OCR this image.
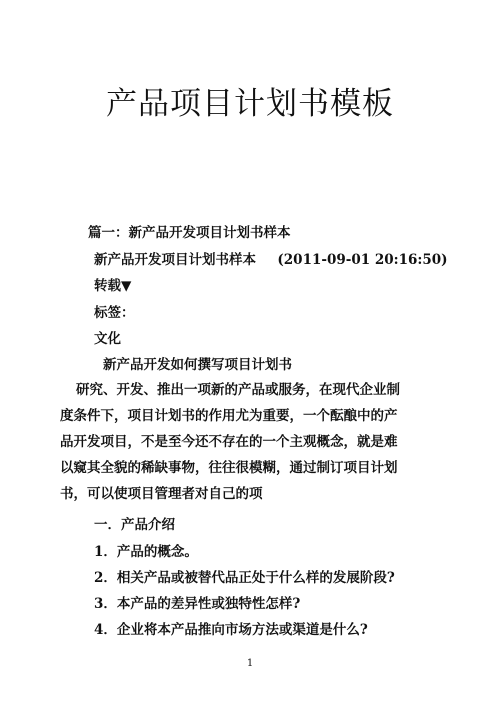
产品项目计划书模板
篇一：新产品开发项目计划书样本
新产品开发项目计划书样本 (2011-09-01 20:16:50)
转载▼
标签：
文化
新产品开发如何撰写项目计划书
研究、开发、推出一项新的产品或服务，在现代企业制
度条件下，项目计划书的作用尤为重要，一个酝酿中的产
品开发项目，不是至今还不存在的一个主观概念，就是难
以窥其全貌的稀缺事物，往往很模糊，通过制订项目计划
书，可以使项目管理者对自己的项
一．产品介绍
1．产品的概念。
2．相关产品或被替代品正处于什么样的发展阶段?
3．本产品的差异性或独特性怎样?
4．企业将本产品推向市场方法或渠道是什么?
1
